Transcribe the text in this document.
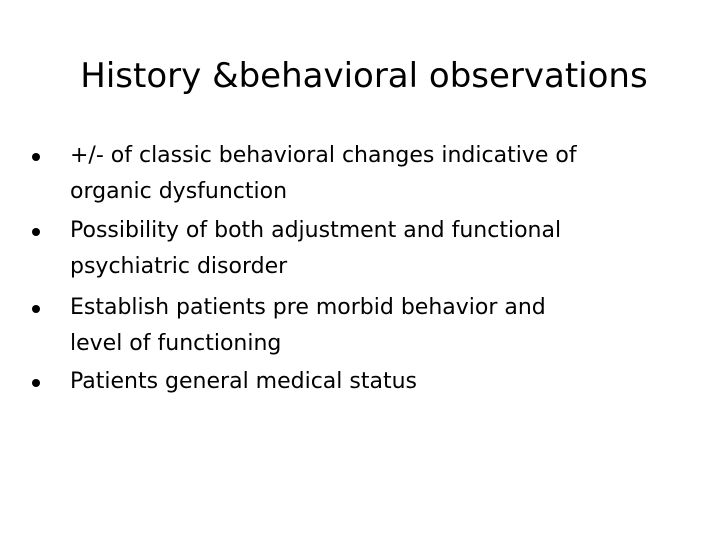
History &behavioral observations
+/- of classic behavioral changes indicative of
organic dysfunction
Possibility of both adjustment and functional
psychiatric disorder
Establish patients pre morbid behavior and
level of functioning
Patients general medical status
